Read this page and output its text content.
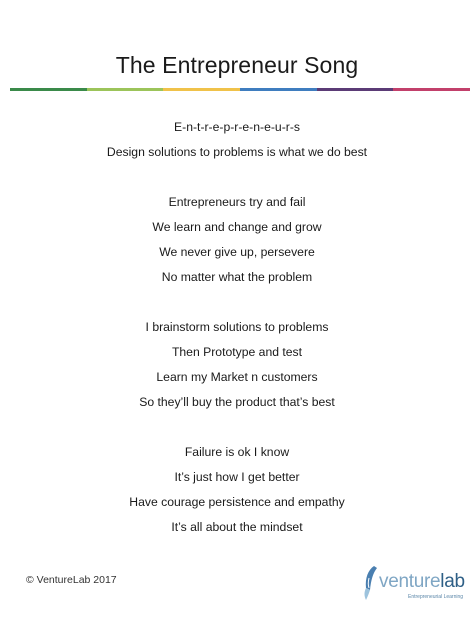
The Entrepreneur Song
E-n-t-r-e-p-r-e-n-e-u-r-s
Design solutions to problems is what we do best
Entrepreneurs try and fail
We learn and change and grow
We never give up, persevere
No matter what the problem
I brainstorm solutions to problems
Then Prototype and test
Learn my Market n customers
So they’ll buy the product that’s best
Failure is ok I know
It’s just how I get better
Have courage persistence and empathy
It’s all about the mindset
© VentureLab 2017	venturelab
Entrepreneurial Learning
